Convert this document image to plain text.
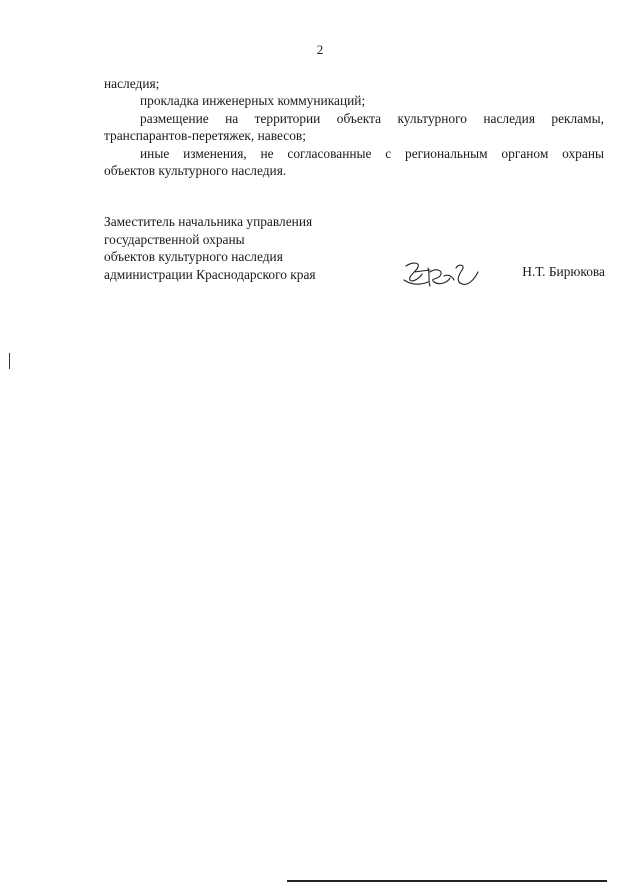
2
наследия;
прокладка инженерных коммуникаций;
размещение на территории объекта культурного наследия рекламы,
транспарантов-перетяжек, навесов;
иные изменения, не согласованные с региональным органом охраны
объектов культурного наследия.
Заместитель начальника управления
государственной охраны
объектов культурного наследия
администрации Краснодарского края	Н.Т. Бирюкова
